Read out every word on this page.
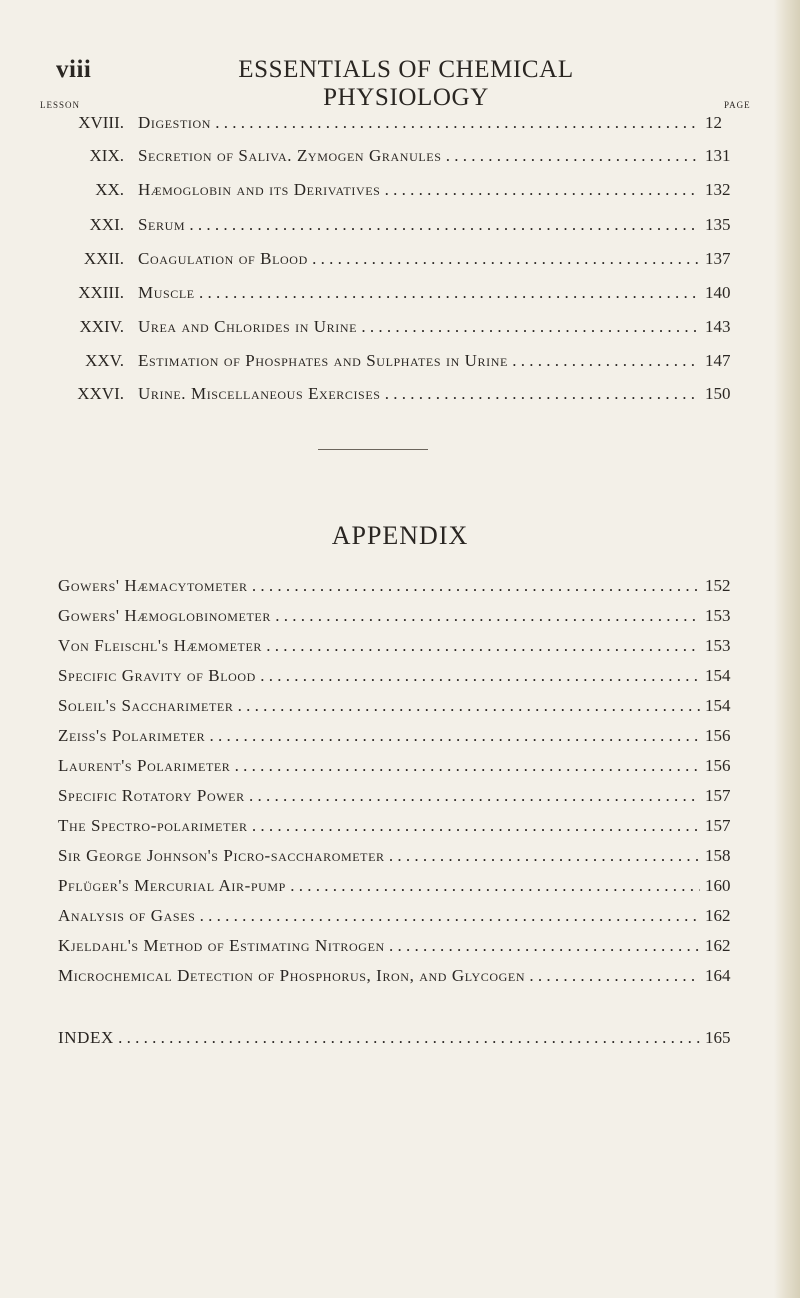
viii	ESSENTIALS OF CHEMICAL PHYSIOLOGY
LESSON	PAGE
XVIII. Digestion . .	12
XIX. Secretion of Saliva. Zymogen Granules . .	131
XX. Hæmoglobin and its Derivatives . .	132
XXI. Serum . .	135
XXII. Coagulation of Blood . .	137
XXIII. Muscle . .	140
XXIV. Urea and Chlorides in Urine . .	143
XXV. Estimation of Phosphates and Sulphates in Urine . .	147
XXVI. Urine. Miscellaneous Exercises . .	150
APPENDIX
Gowers' Hæmacytometer . .	152
Gowers' Hæmoglobinometer . .	153
Von Fleischl's Hæmometer . .	153
Specific Gravity of Blood . .	154
Soleil's Saccharimeter . .	154
Zeiss's Polarimeter . .	156
Laurent's Polarimeter . .	156
Specific Rotatory Power . .	157
The Spectro-polarimeter . .	157
Sir George Johnson's Picro-saccharometer . .	158
Pflüger's Mercurial Air-pump . .	160
Analysis of Gases . .	162
Kjeldahl's Method of Estimating Nitrogen . .	162
Microchemical Detection of Phosphorus, Iron, and Glycogen . .	164
INDEX . .	165
